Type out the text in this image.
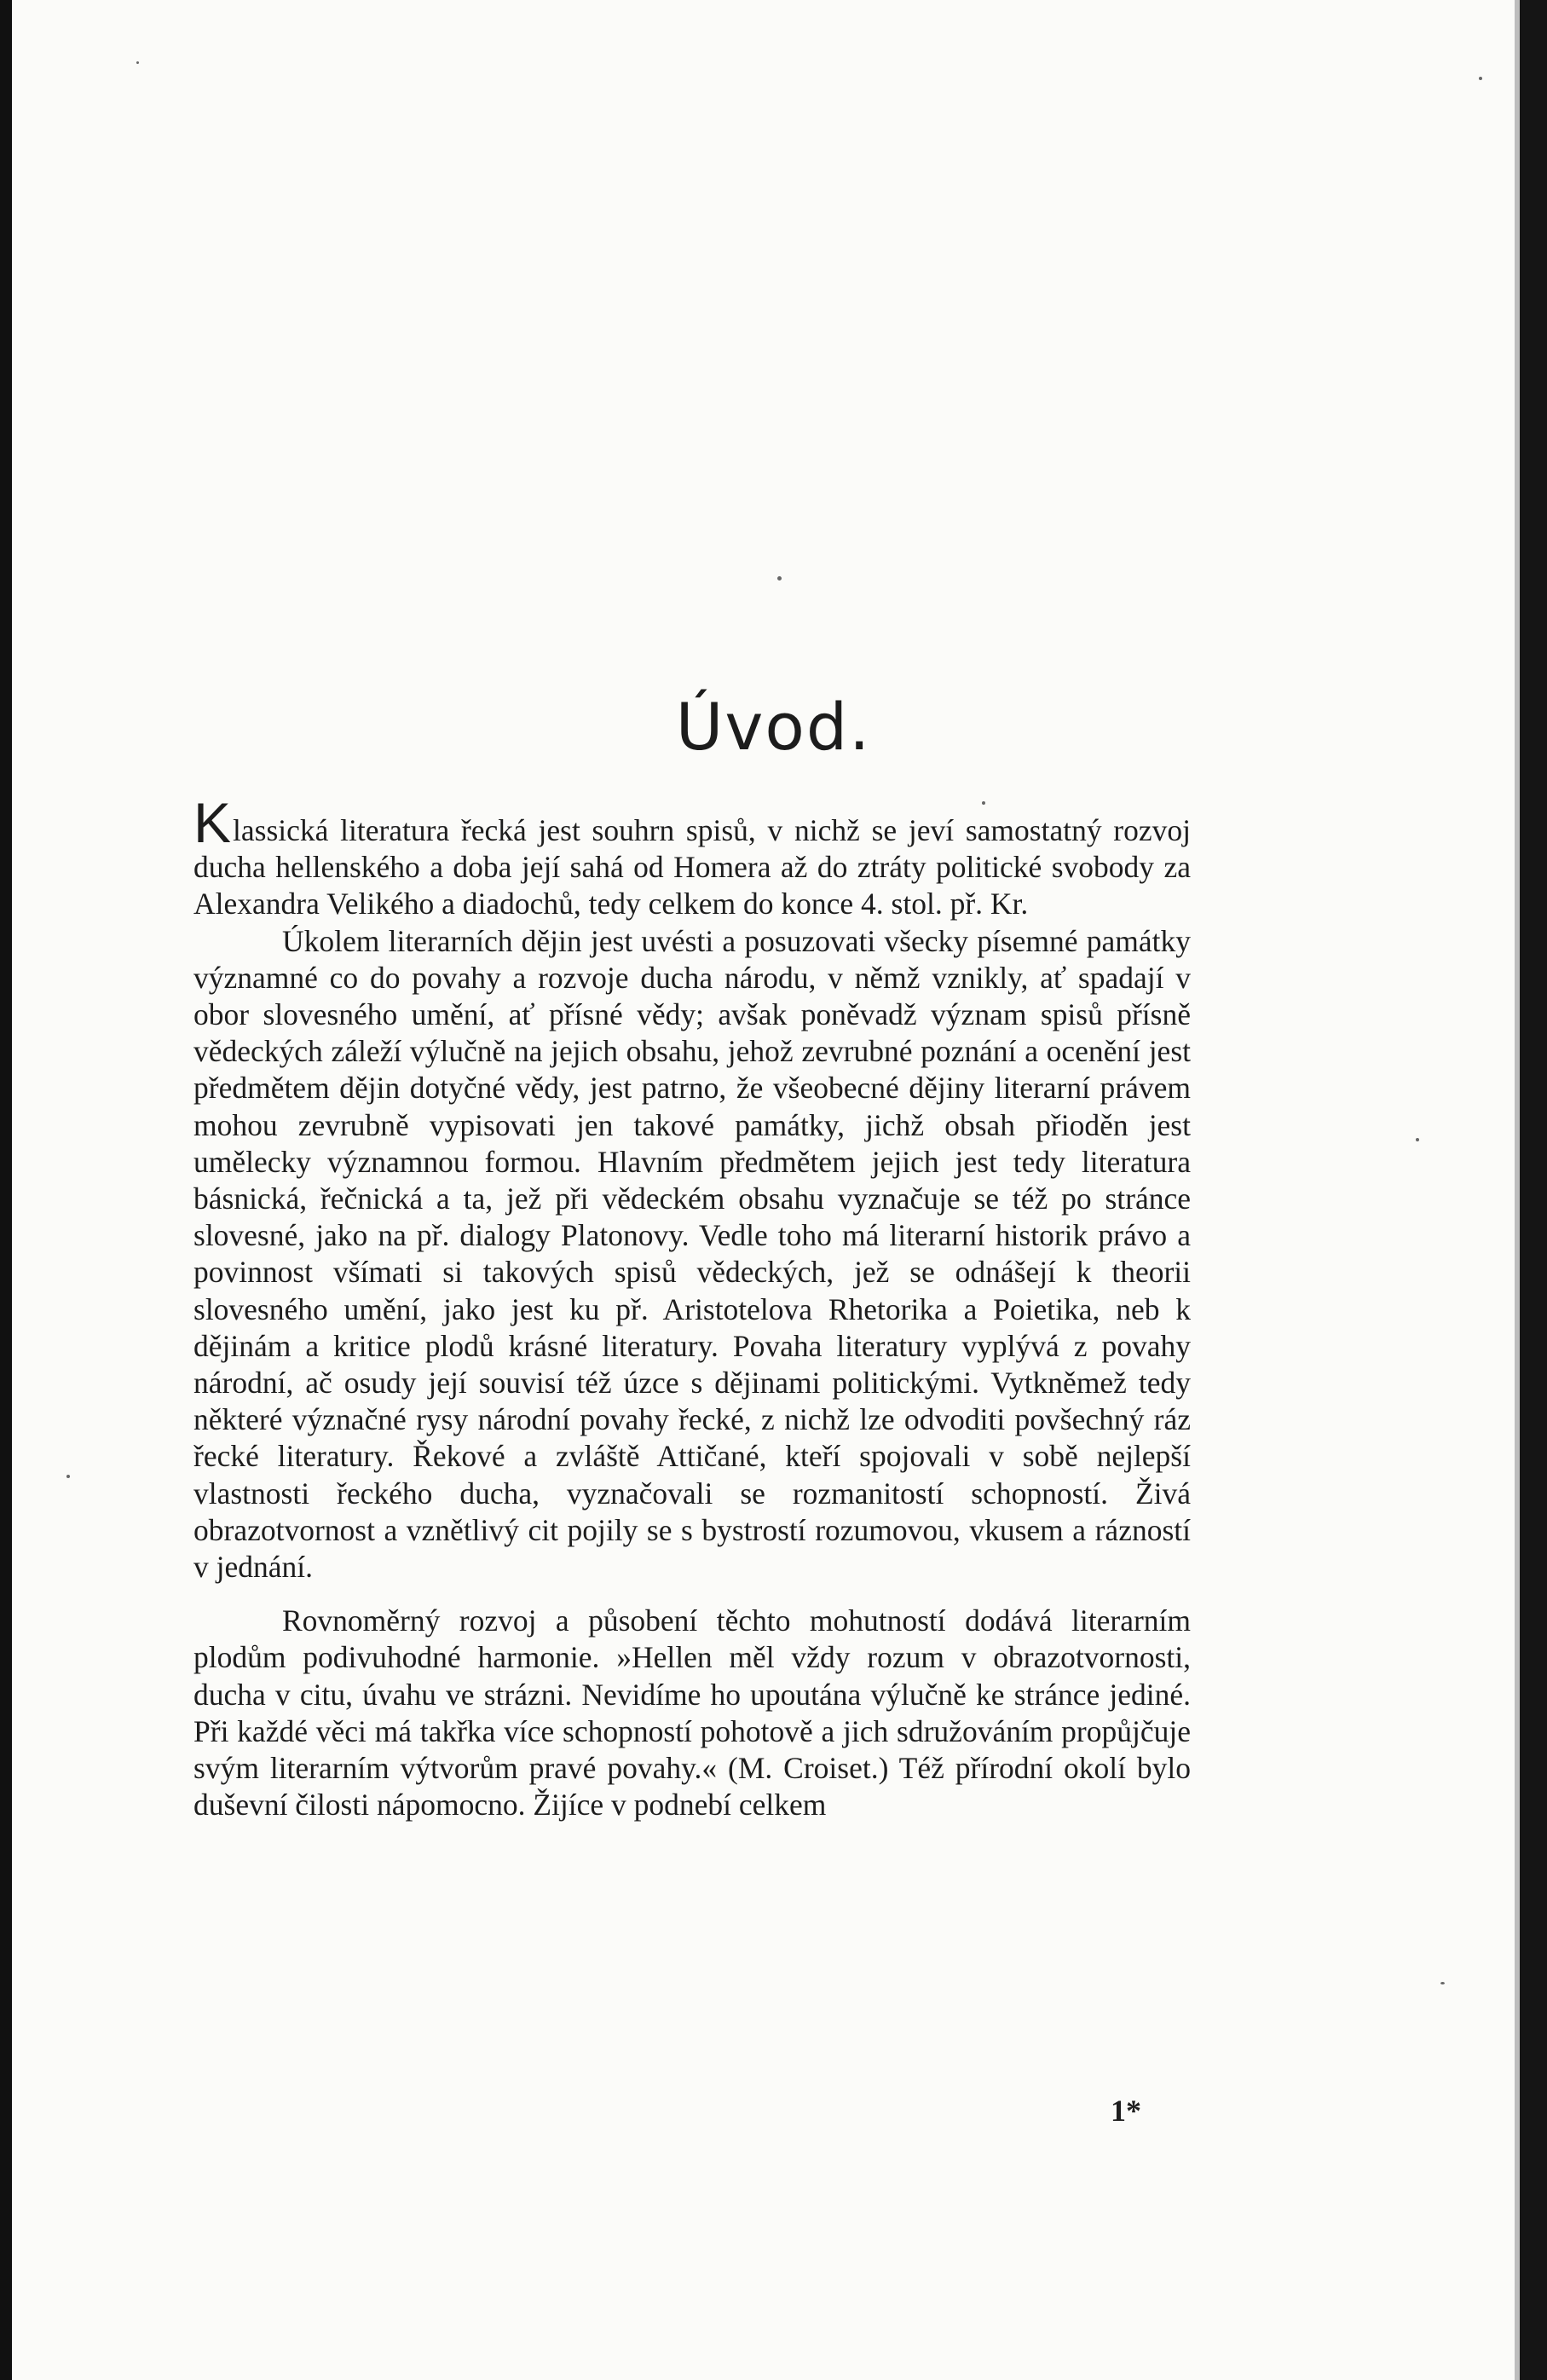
Úvod.

Klassická literatura řecká jest souhrn spisů, v nichž se jeví samostatný rozvoj ducha hellenského a doba její sahá od Homera až do ztráty politické svobody za Alexandra Velikého a diadochů, tedy celkem do konce 4. stol. př. Kr.

Úkolem literarních dějin jest uvésti a posuzovati všecky písemné památky významné co do povahy a rozvoje ducha národu, v němž vznikly, ať spadají v obor slovesného umění, ať přísné vědy; avšak poněvadž význam spisů přísně vědeckých záleží výlučně na jejich obsahu, jehož zevrubné poznání a ocenění jest předmětem dějin dotyčné vědy, jest patrno, že všeobecné dějiny literarní právem mohou zevrubně vypisovati jen takové památky, jichž obsah přioděn jest umělecky významnou formou. Hlavním předmětem jejich jest tedy literatura básnická, řečnická a ta, jež při vědeckém obsahu vyznačuje se též po stránce slovesné, jako na př. dialogy Platonovy. Vedle toho má literarní historik právo a povinnost všímati si takových spisů vědeckých, jež se odnášejí k theorii slovesného umění, jako jest ku př. Aristotelova Rhetorika a Poietika, neb k dějinám a kritice plodů krásné literatury. Povaha literatury vyplývá z povahy národní, ač osudy její souvisí též úzce s dějinami politickými. Vytkněmež tedy některé význačné rysy národní povahy řecké, z nichž lze odvoditi povšechný ráz řecké literatury. Řekové a zvláště Attičané, kteří spojovali v sobě nejlepší vlastnosti řeckého ducha, vyznačovali se rozmanitostí schopností. Živá obrazotvornost a vznětlivý cit pojily se s bystrostí rozumovou, vkusem a rázností v jednání.

Rovnoměrný rozvoj a působení těchto mohutností dodává literarním plodům podivuhodné harmonie. »Hellen měl vždy rozum v obrazotvornosti, ducha v citu, úvahu ve strázni. Nevidíme ho upoutána výlučně ke stránce jediné. Při každé věci má takřka více schopností pohotově a jich sdružováním propůjčuje svým literarním výtvorům pravé povahy.« (M. Croiset.) Též přírodní okolí bylo duševní čilosti nápomocno. Žijíce v podnebí celkem

1*
